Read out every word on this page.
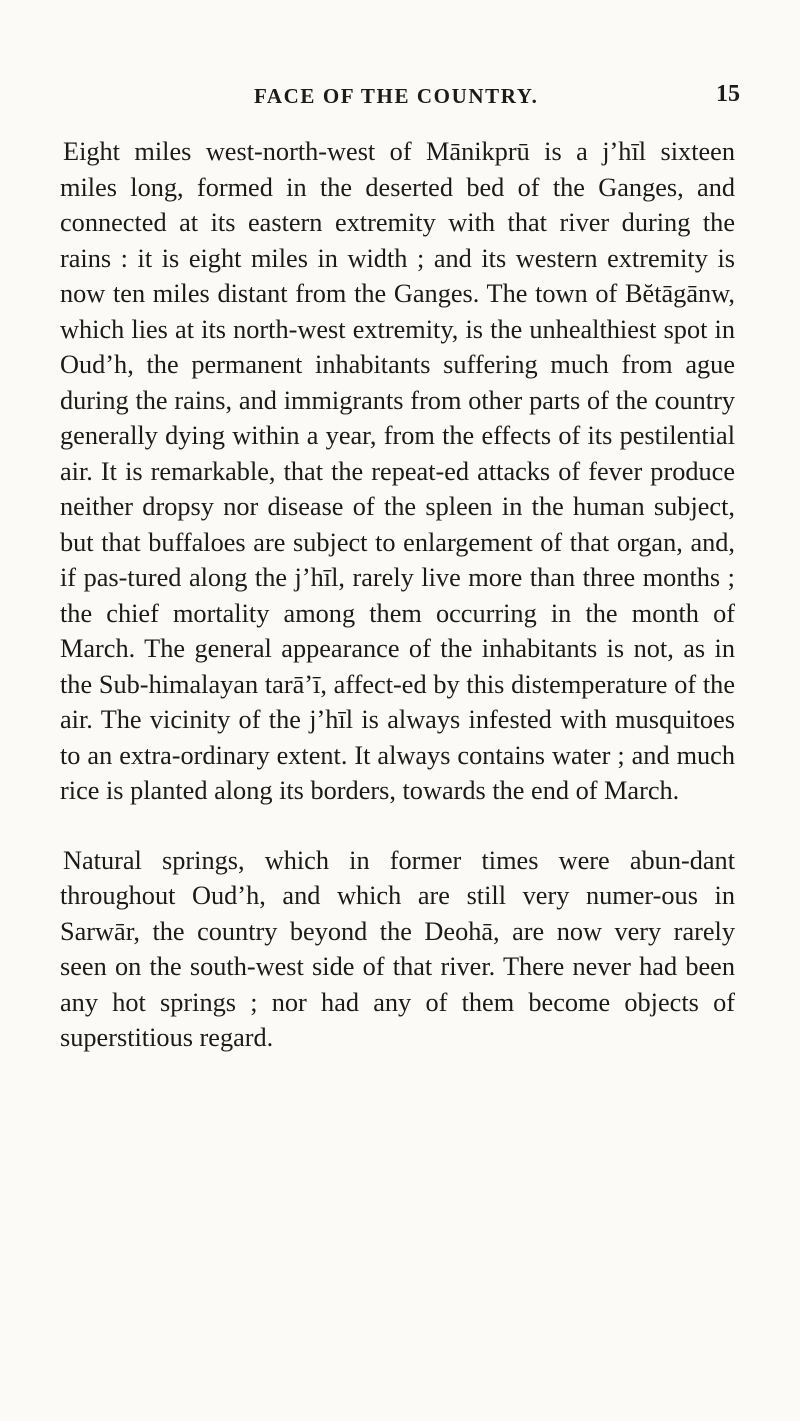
FACE OF THE COUNTRY.	15

Eight miles west-north-west of Mānikprū is a j’hīl sixteen miles long, formed in the deserted bed of the Ganges, and connected at its eastern extremity with that river during the rains : it is eight miles in width ; and its western extremity is now ten miles distant from the Ganges. The town of Bĕtāgānw, which lies at its north-west extremity, is the unhealthiest spot in Oud’h, the permanent inhabitants suffering much from ague during the rains, and immigrants from other parts of the country generally dying within a year, from the effects of its pestilential air. It is remarkable, that the repeat-ed attacks of fever produce neither dropsy nor disease of the spleen in the human subject, but that buffaloes are subject to enlargement of that organ, and, if pas-tured along the j’hīl, rarely live more than three months ; the chief mortality among them occurring in the month of March. The general appearance of the inhabitants is not, as in the Sub-himalayan tarā’ī, affect-ed by this distemperature of the air. The vicinity of the j’hīl is always infested with musquitoes to an extra-ordinary extent. It always contains water ; and much rice is planted along its borders, towards the end of March.

Natural springs, which in former times were abun-dant throughout Oud’h, and which are still very numer-ous in Sarwār, the country beyond the Deohā, are now very rarely seen on the south-west side of that river. There never had been any hot springs ; nor had any of them become objects of superstitious regard.
